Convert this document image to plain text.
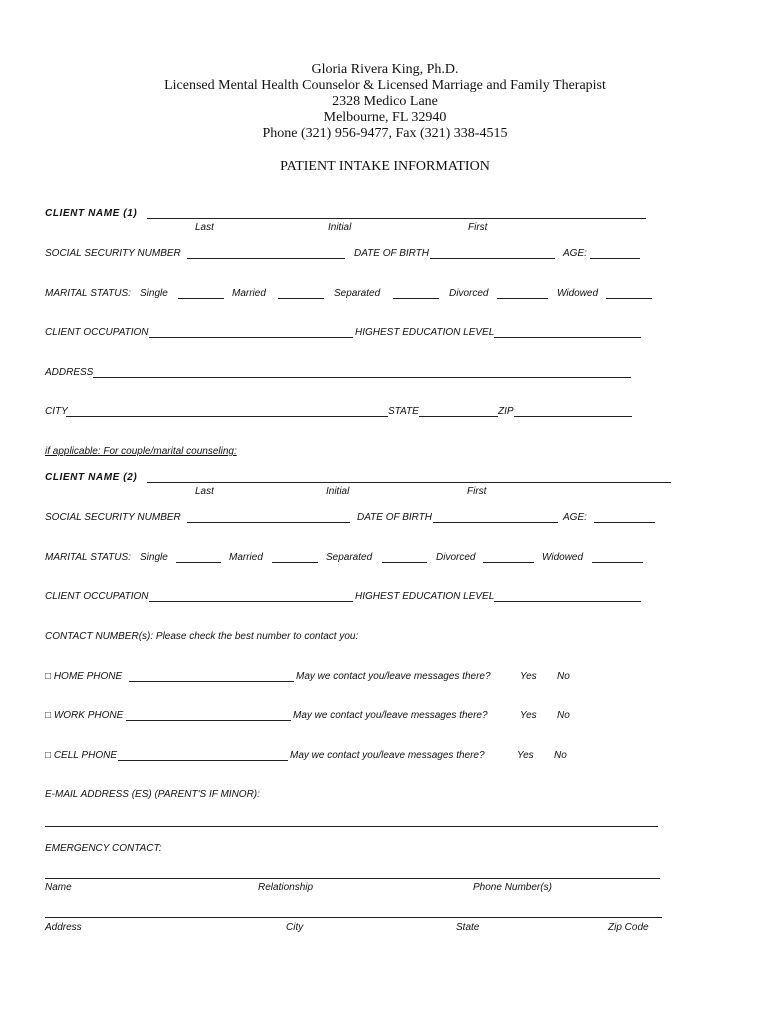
Gloria Rivera King, Ph.D.
Licensed Mental Health Counselor & Licensed Marriage and Family Therapist
2328 Medico Lane
Melbourne, FL 32940
Phone (321) 956-9477, Fax (321) 338-4515
PATIENT INTAKE INFORMATION
CLIENT NAME (1)
Last	Initial	First
SOCIAL SECURITY NUMBER	DATE OF BIRTH	AGE:
MARITAL STATUS: Single	Married	Separated	Divorced	Widowed
CLIENT OCCUPATION	HIGHEST EDUCATION LEVEL
ADDRESS
CITY	STATE	ZIP
if applicable: For couple/marital counseling:
CLIENT NAME (2)
Last	Initial	First
SOCIAL SECURITY NUMBER	DATE OF BIRTH	AGE:
MARITAL STATUS: Single	Married	Separated	Divorced	Widowed
CLIENT OCCUPATION	HIGHEST EDUCATION LEVEL
CONTACT NUMBER(s): Please check the best number to contact you:
□ HOME PHONE	May we contact you/leave messages there?	Yes No
□ WORK PHONE	May we contact you/leave messages there?	Yes No
□ CELL PHONE	May we contact you/leave messages there?	Yes No
E-MAIL ADDRESS (ES) (PARENT'S IF MINOR):
EMERGENCY CONTACT:
Name	Relationship	Phone Number(s)
Address	City	State	Zip Code
